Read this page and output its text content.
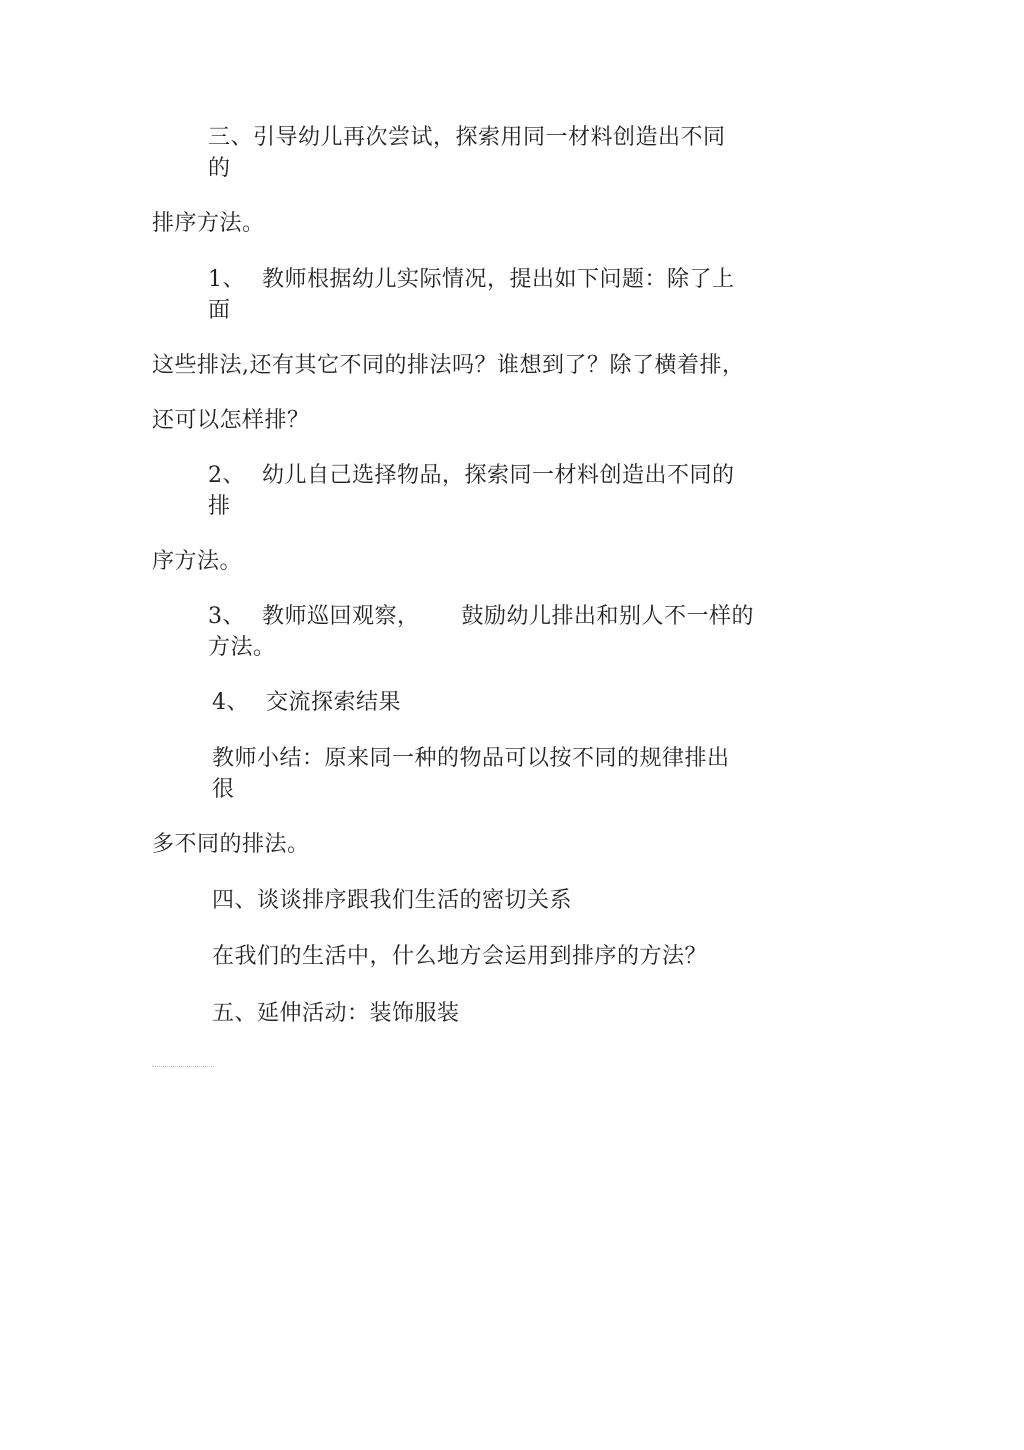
三、引导幼儿再次尝试，探索用同一材料创造出不同
的
排序方法。
1、 教师根据幼儿实际情况，提出如下问题：除了上
面
这些排法,还有其它不同的排法吗？谁想到了？除了横着排，
还可以怎样排？
2、 幼儿自己选择物品，探索同一材料创造出不同的
排
序方法。
3、 教师巡回观察， 鼓励幼儿排出和别人不一样的
方法。
4、 交流探索结果
教师小结：原来同一种的物品可以按不同的规律排出
很
多不同的排法。
四、谈谈排序跟我们生活的密切关系
在我们的生活中，什么地方会运用到排序的方法？
五、延伸活动：装饰服装
